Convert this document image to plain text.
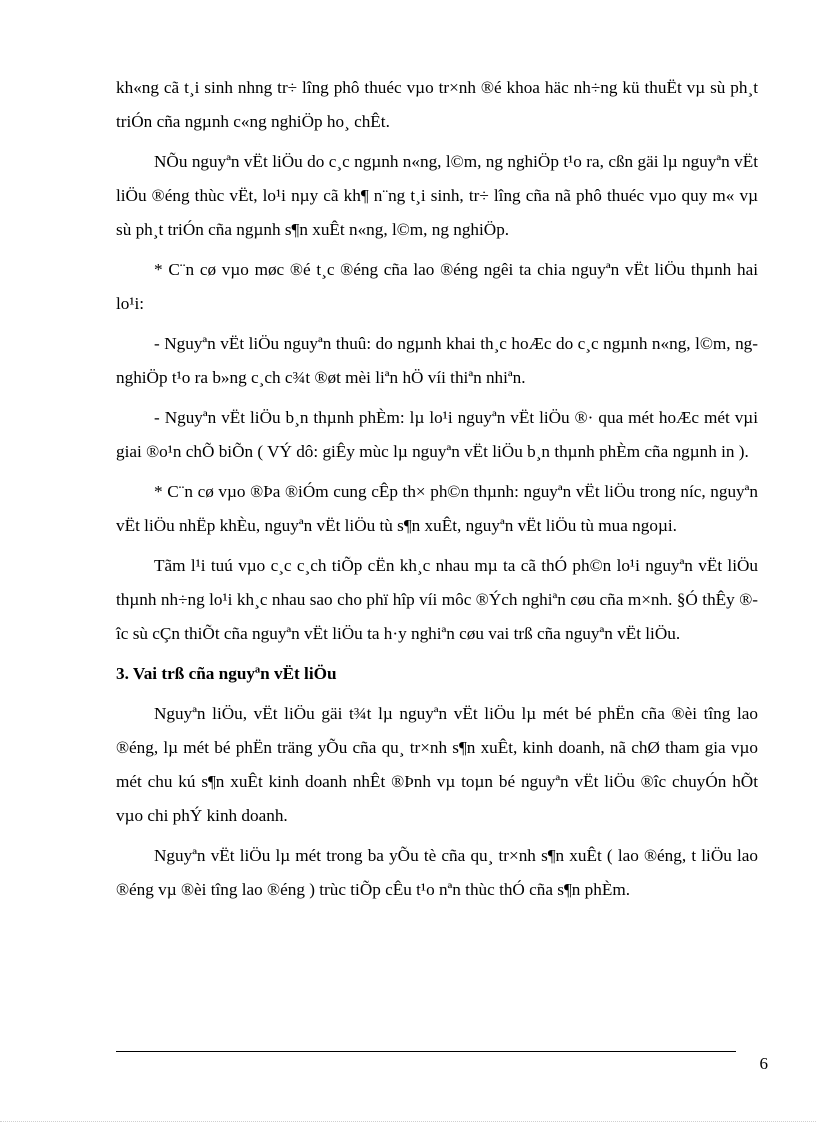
kh«ng cã t¸i sinh nhng tr÷ lîng phô thuéc vµo tr×nh ®é khoa häc nh÷ng kü thuËt vµ sù ph¸t triÓn cña ngµnh c«ng nghiÖp ho¸ chÊt.

NÕu nguyªn vËt liÖu do c¸c ngµnh n«ng, l©m, ng nghiÖp t¹o ra, cßn gäi lµ nguyªn vËt liÖu ®éng thùc vËt, lo¹i nµy cã kh¶ n¨ng t¸i sinh, tr÷ lîng cña nã phô thuéc vµo quy m« vµ sù ph¸t triÓn cña ngµnh s¶n xuÊt n«ng, l©m, ng nghiÖp.

* C¨n cø vµo møc ®é t¸c ®éng cña lao ®éng ngêi ta chia nguyªn vËt liÖu thµnh hai lo¹i:

- Nguyªn vËt liÖu nguyªn thuû: do ngµnh khai th¸c hoÆc do c¸c ngµnh n«ng, l©m, ng nghiÖp t¹o ra b»ng c¸ch c¾t ®øt mèi liªn hÖ víi thiªn nhiªn.

- Nguyªn vËt liÖu b¸n thµnh phÈm: lµ lo¹i nguyªn vËt liÖu ®· qua mét hoÆc mét vµi giai ®o¹n chÕ biÕn ( VÝ dô: giÊy mùc lµ nguyªn vËt liÖu b¸n thµnh phÈm cña ngµnh in ).

* C¨n cø vµo ®Þa ®iÓm cung cÊp th× ph©n thµnh: nguyªn vËt liÖu trong níc, nguyªn vËt liÖu nhËp khÈu, nguyªn vËt liÖu tù s¶n xuÊt, nguyªn vËt liÖu tù mua ngoµi.

Tãm l¹i tuú vµo c¸c c¸ch tiÕp cËn kh¸c nhau mµ ta cã thÓ ph©n lo¹i nguyªn vËt liÖu thµnh nh÷ng lo¹i kh¸c nhau sao cho phï hîp víi môc ®Ých nghiªn cøu cña m×nh. §Ó thÊy ®îc sù cÇn thiÕt cña nguyªn vËt liÖu ta h·y nghiªn cøu vai trß cña nguyªn vËt liÖu.

3. Vai trß cña nguyªn vËt liÖu

Nguyªn liÖu, vËt liÖu gäi t¾t lµ nguyªn vËt liÖu lµ mét bé phËn cña ®èi tîng lao ®éng, lµ mét bé phËn träng yÕu cña qu¸ tr×nh s¶n xuÊt, kinh doanh, nã chØ tham gia vµo mét chu kú s¶n xuÊt kinh doanh nhÊt ®Þnh vµ toµn bé nguyªn vËt liÖu ®îc chuyÓn hÕt vµo chi phÝ kinh doanh.

Nguyªn vËt liÖu lµ mét trong ba yÕu tè cña qu¸ tr×nh s¶n xuÊt ( lao ®éng, t liÖu lao ®éng vµ ®èi tîng lao ®éng ) trùc tiÕp cÊu t¹o nªn thùc thÓ cña s¶n phÈm.

6
